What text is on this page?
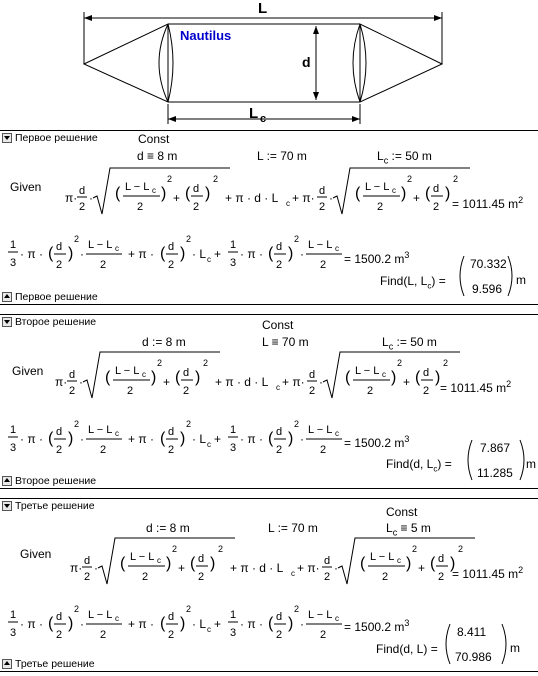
L
Nautilus
d
L c
Первое решение	Const
d ≡ 8 m	L := 70 m	$L_c$ := 50 m
Given
π· d
2
· ( L − L c
2
)
2
+ ( d
2
)
2
+ π · d · L c + π· d
2
· ( L − L c
2
)
2
+ ( d
2
)
2
= 1011.45 $m^2$
1
3
· π · ( d
2
)
2
·
L − L c
2
+ π · ( d
2
)
2
· L c +
1
3
· π · ( d
2
)
2
·
L − L c
2 = 1500.2 $m^3$
Find(L, $L_c$) =
70.332
9.596
m
Первое решение
Второе решение	Const
d := 8 m	L ≡ 70 m	$L_c$ := 50 m
Given
π· d
2
· ( L − L c
2
)
2
+ ( d
2
)
2
+ π · d · L c + π· d
2
· ( L − L c
2
)
2
+ ( d
2
)
2
= 1011.45 $m^2$
1
3
· π · ( d
2
)
2
·
L − L c
2
+ π · ( d
2
)
2
· L c +
1
3
· π · ( d
2
)
2
·
L − L c
2 = 1500.2 $m^3$
Find(d, $L_c$) =
7.867
11.285
m
Второе решение
Третье решение	Const
d := 8 m	L := 70 m	$L_c \equiv 5$ m
Given
π· d
2
· ( L − L c
2
)
2
+ ( d
2
)
2
+ π · d · L c + π· d
2
· ( L − L c
2
)
2
+ ( d
2
)
2
= 1011.45 $m^2$
1
3
· π · ( d
2
)
2
·
L − L c
2
+ π · ( d
2
)
2
· L c +
1
3
· π · ( d
2
)
2
·
L − L c
2
= 1500.2 $m^3$
Find(d, L) =
8.411
70.986
m
Третье решение
